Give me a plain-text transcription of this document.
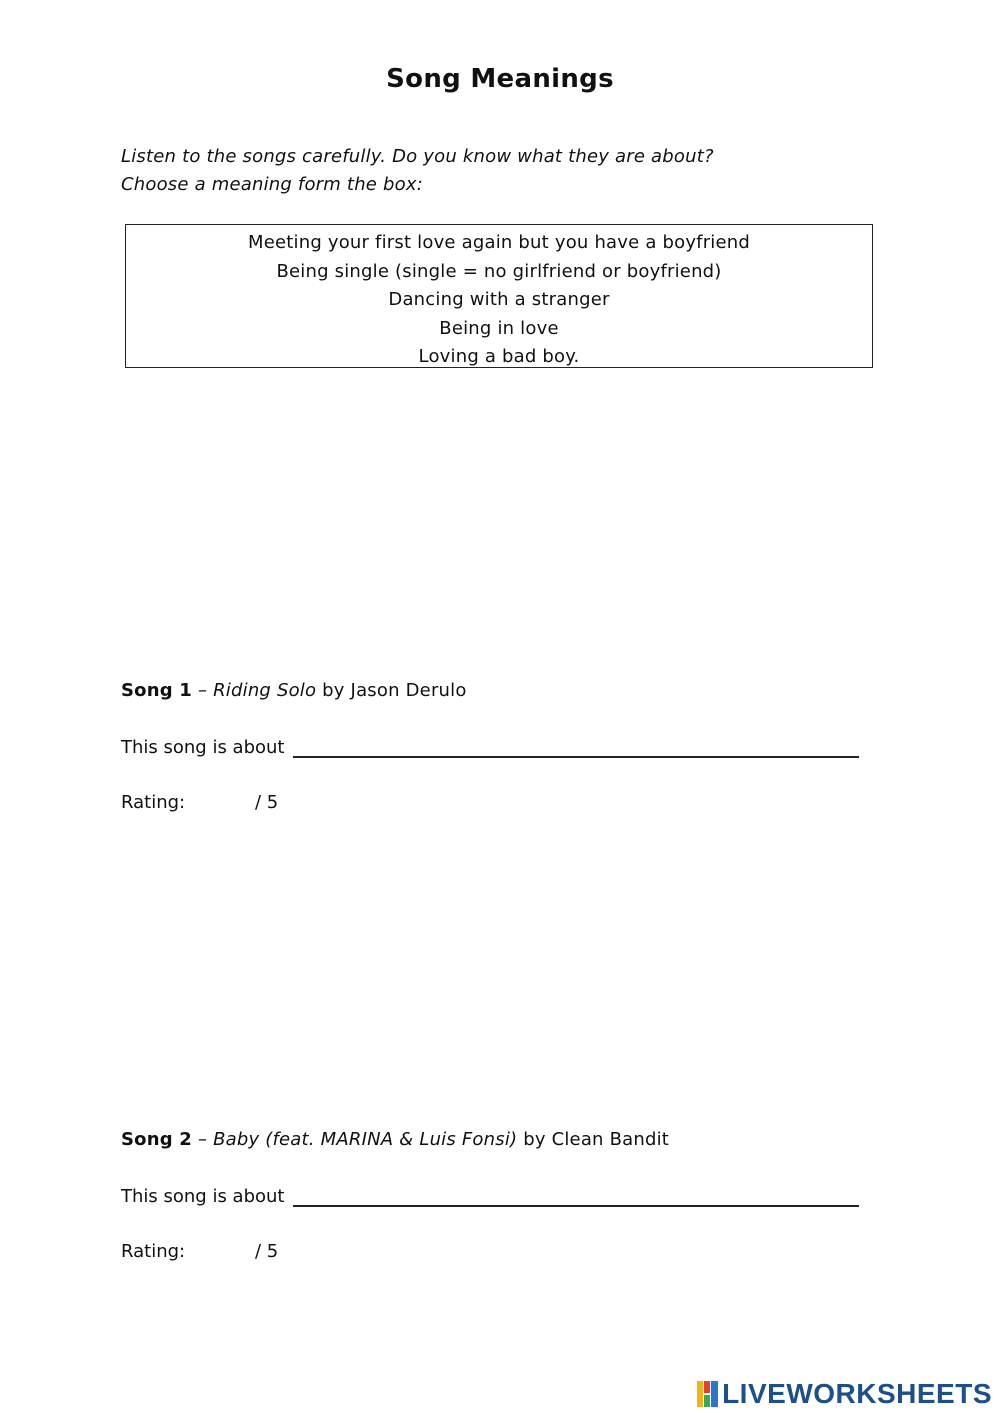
Song Meanings
Listen to the songs carefully. Do you know what they are about?
Choose a meaning form the box:
Meeting your first love again but you have a boyfriend
Being single (single = no girlfriend or boyfriend)
Dancing with a stranger
Being in love
Loving a bad boy.
Song 1 – Riding Solo by Jason Derulo
This song is about
Rating:	/ 5
Song 2 – Baby (feat. MARINA & Luis Fonsi) by Clean Bandit
This song is about
Rating:	/ 5
LIVEWORKSHEETS
